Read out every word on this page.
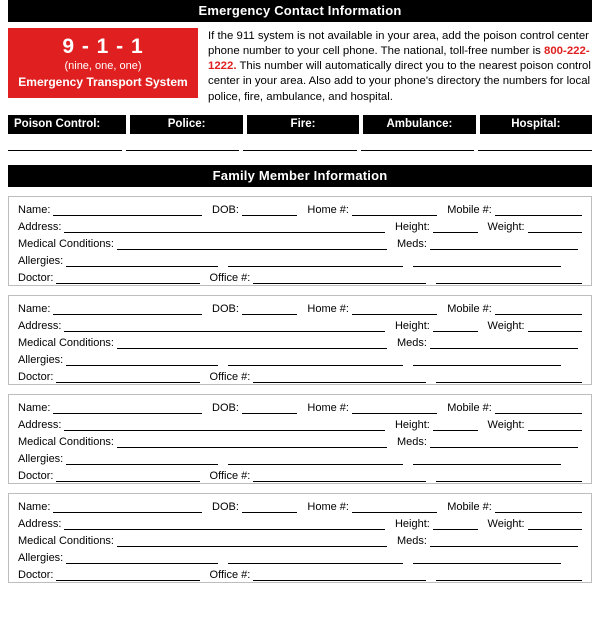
Emergency Contact Information
9 - 1 - 1
(nine, one, one)
Emergency Transport System
If the 911 system is not available in your area, add the poison control center phone number to your cell phone. The national, toll-free number is 800-222-1222. This number will automatically direct you to the nearest poison control center in your area. Also add to your phone's directory the numbers for local police, fire, ambulance, and hospital.
Poison Control:	Police:	Fire:	Ambulance:	Hospital:
Family Member Information
Name:	DOB:	Home #:	Mobile #:
Address:	Height:	Weight:
Medical Conditions:	Meds:
Allergies:
Doctor:	Office #:
Name:	DOB:	Home #:	Mobile #:
Address:	Height:	Weight:
Medical Conditions:	Meds:
Allergies:
Doctor:	Office #:
Name:	DOB:	Home #:	Mobile #:
Address:	Height:	Weight:
Medical Conditions:	Meds:
Allergies:
Doctor:	Office #:
Name:	DOB:	Home #:	Mobile #:
Address:	Height:	Weight:
Medical Conditions:	Meds:
Allergies:
Doctor:	Office #:
